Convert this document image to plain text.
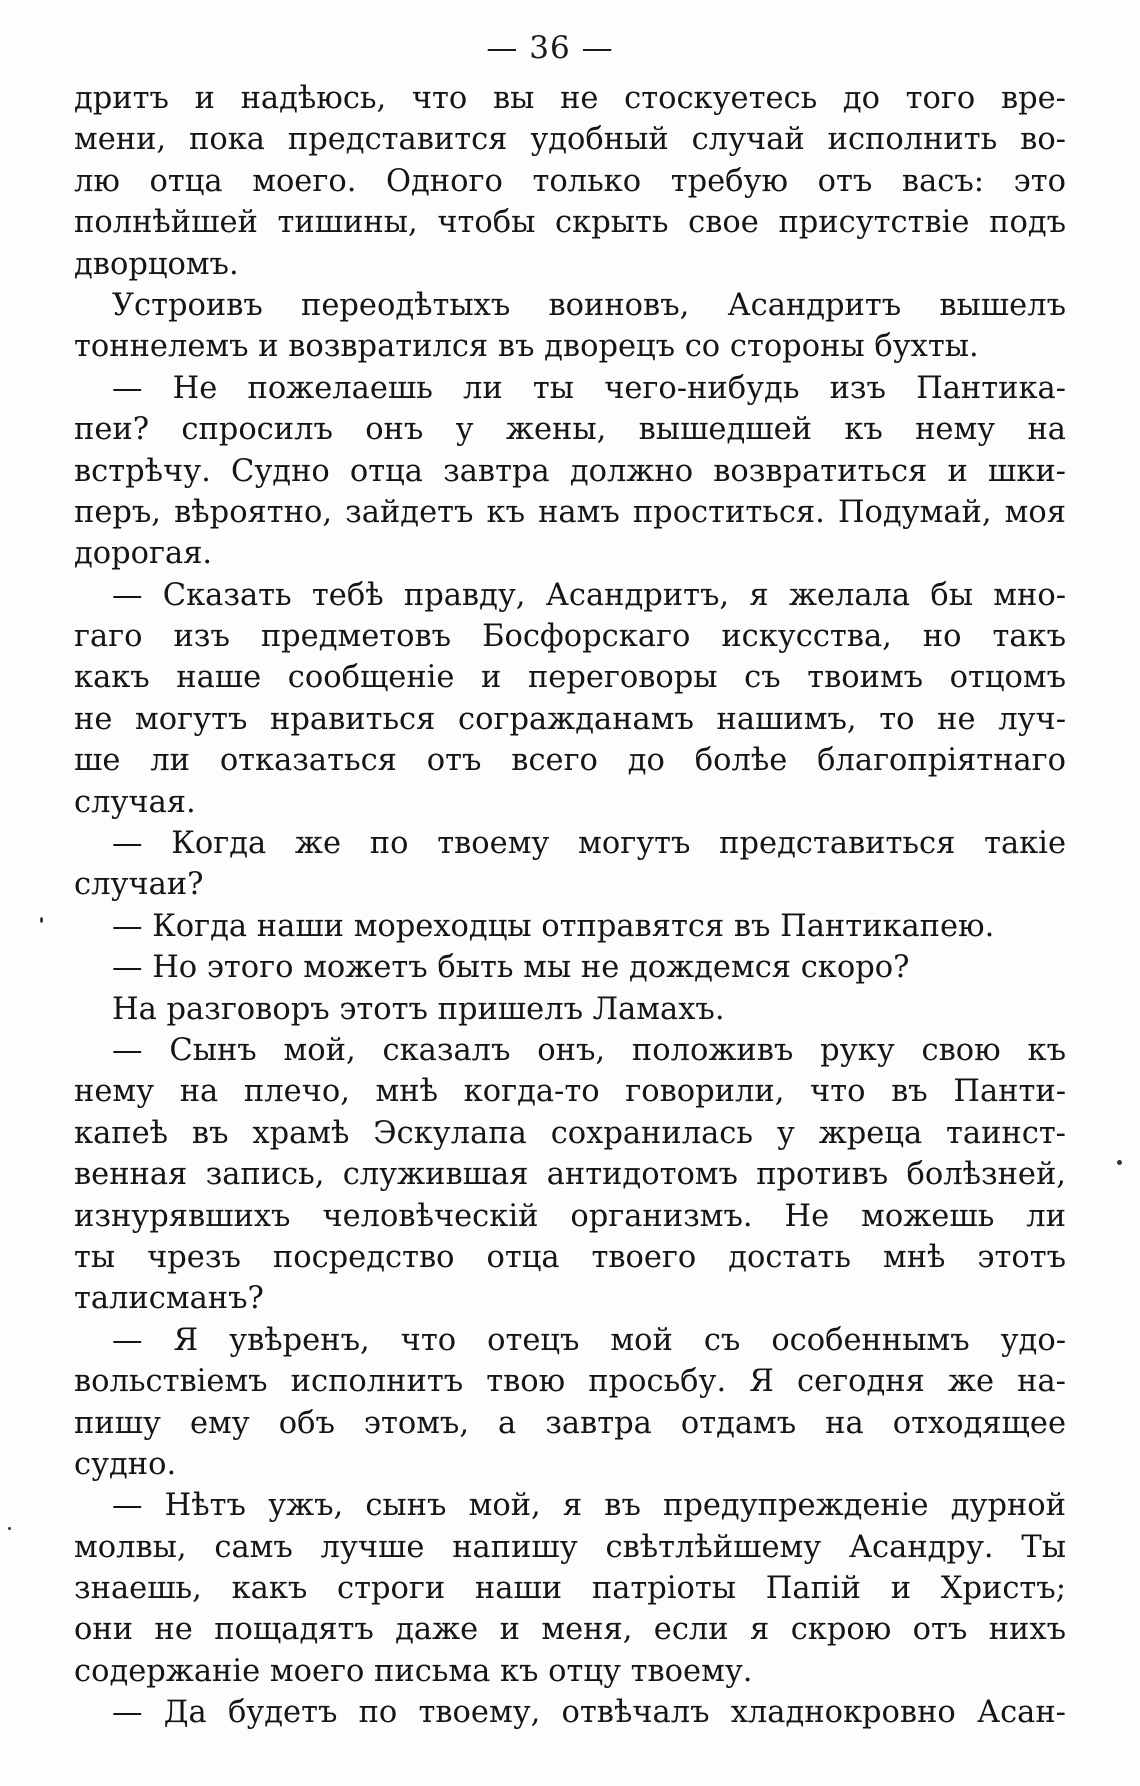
— 36 —
дритъ и надѣюсь, что вы не стоскуетесь до того вре-
мени, пока представится удобный случай исполнить во-
лю отца моего. Одного только требую отъ васъ: это
полнѣйшей тишины, чтобы скрыть свое присутствіе подъ
дворцомъ.
Устроивъ переодѣтыхъ воиновъ, Асандритъ вышелъ
тоннелемъ и возвратился въ дворецъ со стороны бухты.
— Не пожелаешь ли ты чего-нибудь изъ Пантика-
пеи? спросилъ онъ у жены, вышедшей къ нему на
встрѣчу. Судно отца завтра должно возвратиться и шки-
перъ, вѣроятно, зайдетъ къ намъ проститься. Подумай, моя
дорогая.
— Сказать тебѣ правду, Асандритъ, я желала бы мно-
гаго изъ предметовъ Босфорскаго искусства, но такъ
какъ наше сообщеніе и переговоры съ твоимъ отцомъ
не могутъ нравиться согражданамъ нашимъ, то не луч-
ше ли отказаться отъ всего до болѣе благопріятнаго
случая.
— Когда же по твоему могутъ представиться такіе
случаи?
— Когда наши мореходцы отправятся въ Пантикапею.
— Но этого можетъ быть мы не дождемся скоро?
На разговоръ этотъ пришелъ Ламахъ.
— Сынъ мой, сказалъ онъ, положивъ руку свою къ
нему на плечо, мнѣ когда-то говорили, что въ Панти-
капеѣ въ храмѣ Эскулапа сохранилась у жреца таинст-
венная запись, служившая антидотомъ противъ болѣзней,
изнурявшихъ человѣческій организмъ. Не можешь ли
ты чрезъ посредство отца твоего достать мнѣ этотъ
талисманъ?
— Я увѣренъ, что отецъ мой съ особеннымъ удо-
вольствіемъ исполнитъ твою просьбу. Я сегодня же на-
пишу ему объ этомъ, а завтра отдамъ на отходящее
судно.
— Нѣтъ ужъ, сынъ мой, я въ предупрежденіе дурной
молвы, самъ лучше напишу свѣтлѣйшему Асандру. Ты
знаешь, какъ строги наши патріоты Папій и Христъ;
они не пощадятъ даже и меня, если я скрою отъ нихъ
содержаніе моего письма къ отцу твоему.
— Да будетъ по твоему, отвѣчалъ хладнокровно Асан-
